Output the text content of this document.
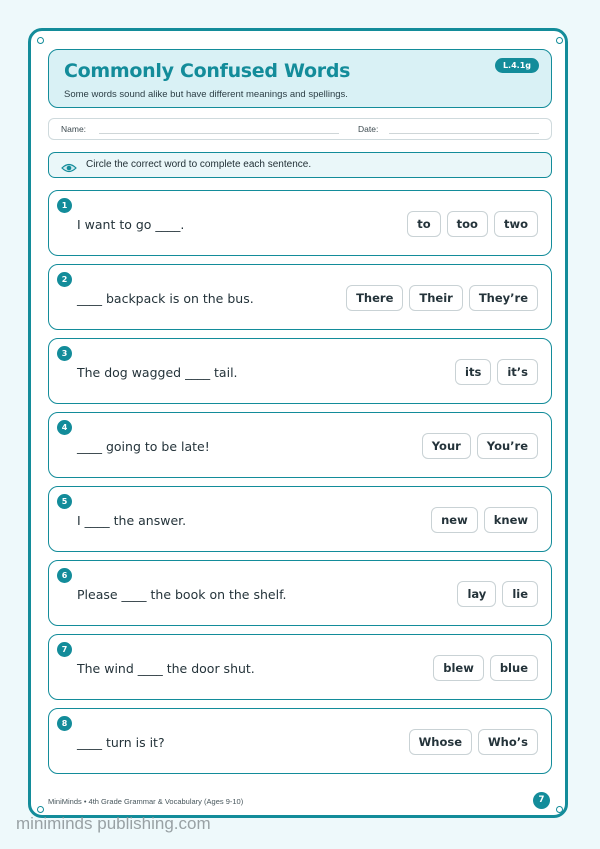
Commonly Confused Words
Some words sound alike but have different meanings and spellings.
L.4.1g
Name:	Date:
Circle the correct word to complete each sentence.
1
I want to go ____.	to	too	two
2
____ backpack is on the bus.	There	Their	They’re
3
The dog wagged ____ tail.	its	it’s
4
____ going to be late!	Your	You’re
5
I ____ the answer.	new	knew
6
Please ____ the book on the shelf.	lay	lie
7
The wind ____ the door shut.	blew	blue
8
____ turn is it?	Whose	Who’s
MiniMinds • 4th Grade Grammar & Vocabulary (Ages 9-10)	7
miniminds publishing.com
